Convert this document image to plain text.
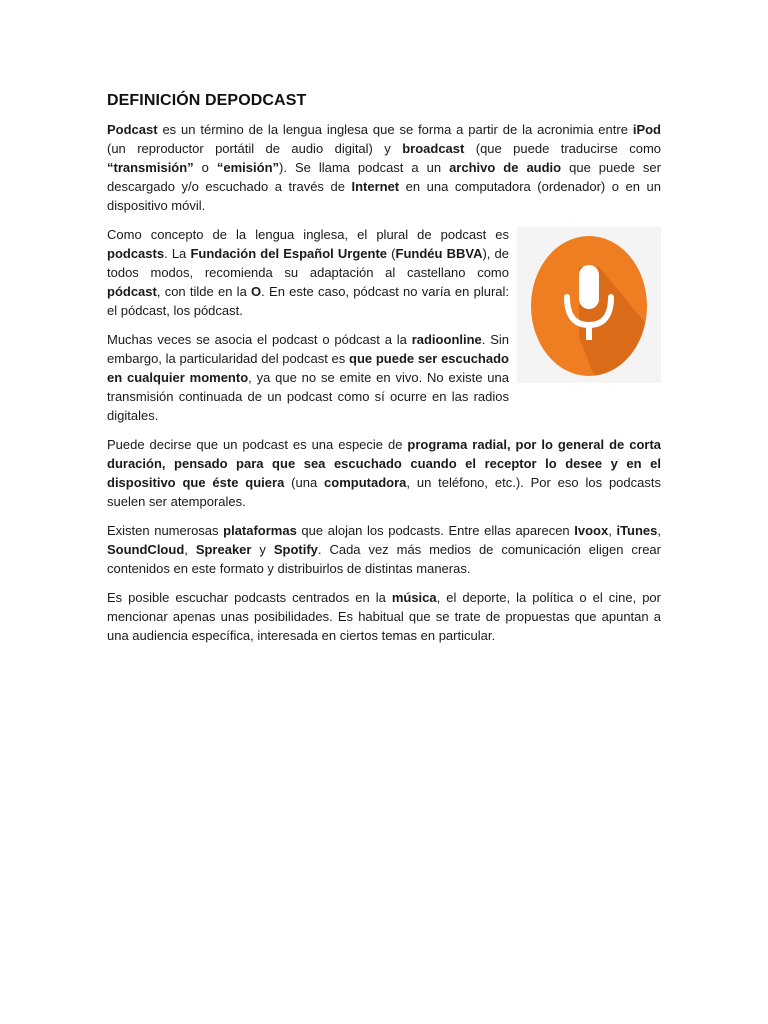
DEFINICIÓN DEPODCAST

Podcast es un término de la lengua inglesa que se forma a partir de la acronimia entre iPod (un reproductor portátil de audio digital) y broadcast (que puede traducirse como “transmisión” o “emisión”). Se llama podcast a un archivo de audio que puede ser descargado y/o escuchado a través de Internet en una computadora (ordenador) o en un dispositivo móvil.

Como concepto de la lengua inglesa, el plural de podcast es podcasts. La Fundación del Español Urgente (Fundéu BBVA), de todos modos, recomienda su adaptación al castellano como pódcast, con tilde en la O. En este caso, pódcast no varía en plural: el pódcast, los pódcast.

Muchas veces se asocia el podcast o pódcast a la radioonline. Sin embargo, la particularidad del podcast es que puede ser escuchado en cualquier momento, ya que no se emite en vivo. No existe una transmisión continuada de un podcast como sí ocurre en las radios digitales.

Puede decirse que un podcast es una especie de programa radial, por lo general de corta duración, pensado para que sea escuchado cuando el receptor lo desee y en el dispositivo que éste quiera (una computadora, un teléfono, etc.). Por eso los podcasts suelen ser atemporales.

Existen numerosas plataformas que alojan los podcasts. Entre ellas aparecen Ivoox, iTunes, SoundCloud, Spreaker y Spotify. Cada vez más medios de comunicación eligen crear contenidos en este formato y distribuirlos de distintas maneras.

Es posible escuchar podcasts centrados en la música, el deporte, la política o el cine, por mencionar apenas unas posibilidades. Es habitual que se trate de propuestas que apuntan a una audiencia específica, interesada en ciertos temas en particular.
